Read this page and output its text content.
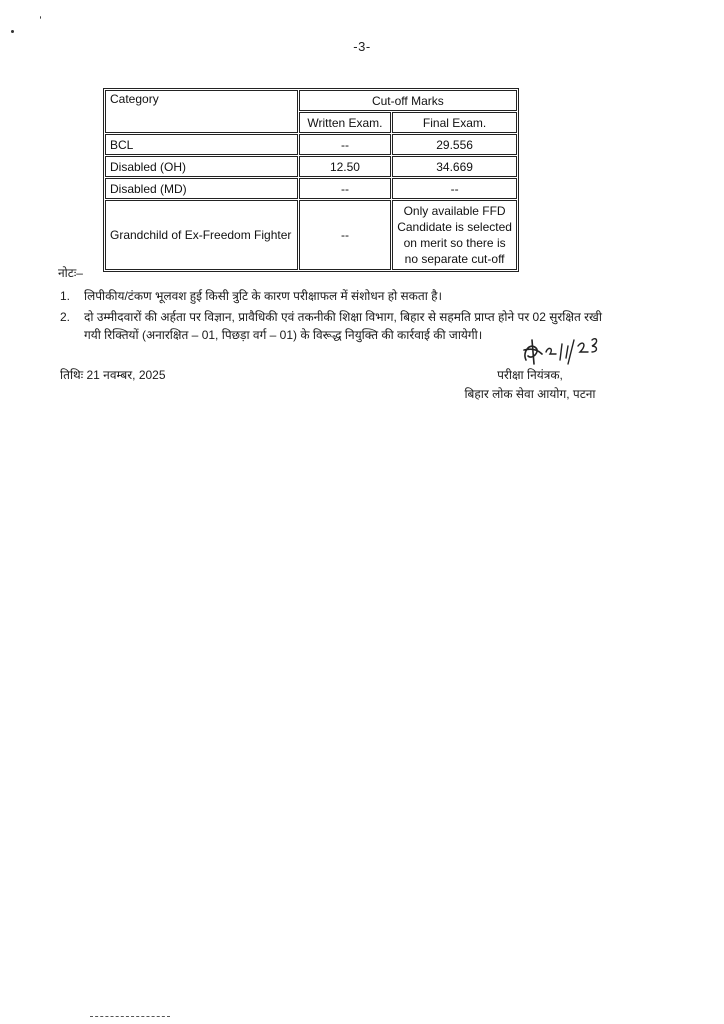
-3-
Category	Cut-off Marks	
	Written Exam.	Final Exam.
BCL	--	29.556
Disabled (OH)	12.50	34.669
Disabled (MD)	--	--
Grandchild of Ex-Freedom Fighter	--	Only available FFD
Candidate is selected
on merit so there is
no separate cut-off
नोटः–
1.	लिपीकीय/टंकण भूलवश हुई किसी त्रुटि के कारण परीक्षाफल में संशोधन हो सकता है।
2.	दो उम्मीदवारों की अर्हता पर विज्ञान, प्रावैधिकी एवं तकनीकी शिक्षा विभाग, बिहार से सहमति प्राप्त होने पर 02 सुरक्षित रखी गयी रिक्तियों (अनारक्षित – 01, पिछड़ा वर्ग – 01) के विरूद्ध नियुक्ति की कार्रवाई की जायेगी।
तिथिः 21 नवम्बर, 2025	परीक्षा नियंत्रक,
बिहार लोक सेवा आयोग, पटना
